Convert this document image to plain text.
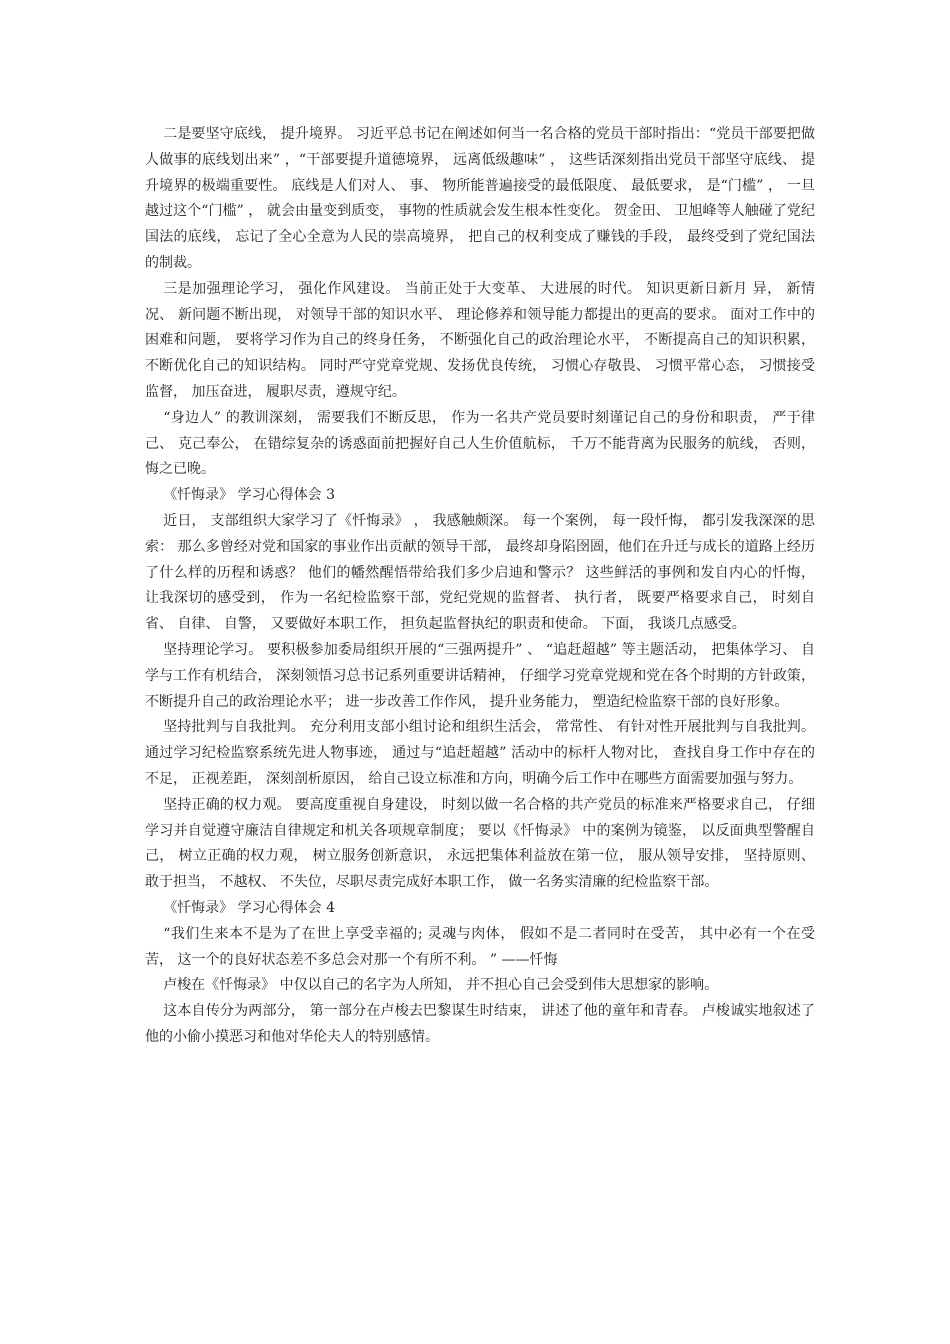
二是要坚守底线， 提升境界。 习近平总书记在阐述如何当一名合格的党员干部时指出：“党员干部要把做人做事的底线划出来” ，“干部要提升道德境界， 远离低级趣味” ， 这些话深刻指出党员干部坚守底线、 提升境界的极端重要性。 底线是人们对人、 事、 物所能普遍接受的最低限度、 最低要求， 是“门槛” ， 一旦越过这个“门槛” ， 就会由量变到质变， 事物的性质就会发生根本性变化。 贺金田、 卫旭峰等人触碰了党纪国法的底线， 忘记了全心全意为人民的崇高境界， 把自己的权利变成了赚钱的手段， 最终受到了党纪国法的制裁。

三是加强理论学习， 强化作风建设。 当前正处于大变革、 大进展的时代。 知识更新日新月 异， 新情况、 新问题不断出现， 对领导干部的知识水平、 理论修养和领导能力都提出的更高的要求。 面对工作中的困难和问题， 要将学习作为自己的终身任务， 不断强化自己的政治理论水平， 不断提高自己的知识积累， 不断优化自己的知识结构。 同时严守党章党规、发扬优良传统， 习惯心存敬畏、 习惯平常心态， 习惯接受监督， 加压奋进， 履职尽责，遵规守纪。

“身边人” 的教训深刻， 需要我们不断反思， 作为一名共产党员要时刻谨记自己的身份和职责， 严于律己、 克己奉公， 在错综复杂的诱惑面前把握好自己人生价值航标， 千万不能背离为民服务的航线， 否则， 悔之已晚。

《忏悔录》 学习心得体会 3

近日， 支部组织大家学习了《忏悔录》 ， 我感触颇深。 每一个案例， 每一段忏悔， 都引发我深深的思索： 那么多曾经对党和国家的事业作出贡献的领导干部， 最终却身陷囹圄，他们在升迁与成长的道路上经历了什么样的历程和诱惑？ 他们的幡然醒悟带给我们多少启迪和警示？ 这些鲜活的事例和发自内心的忏悔， 让我深切的感受到， 作为一名纪检监察干部，党纪党规的监督者、 执行者， 既要严格要求自己， 时刻自省、 自律、 自警， 又要做好本职工作， 担负起监督执纪的职责和使命。 下面， 我谈几点感受。

坚持理论学习。 要积极参加委局组织开展的“三强两提升” 、 “追赶超越” 等主题活动， 把集体学习、 自学与工作有机结合， 深刻领悟习总书记系列重要讲话精神， 仔细学习党章党规和党在各个时期的方针政策， 不断提升自己的政治理论水平； 进一步改善工作作风， 提升业务能力， 塑造纪检监察干部的良好形象。

坚持批判与自我批判。 充分利用支部小组讨论和组织生活会， 常常性、 有针对性开展批判与自我批判。 通过学习纪检监察系统先进人物事迹， 通过与“追赶超越” 活动中的标杆人物对比， 查找自身工作中存在的不足， 正视差距， 深刻剖析原因， 给自己设立标准和方向，明确今后工作中在哪些方面需要加强与努力。

坚持正确的权力观。 要高度重视自身建设， 时刻以做一名合格的共产党员的标准来严格要求自己， 仔细学习并自觉遵守廉洁自律规定和机关各项规章制度； 要以《忏悔录》 中的案例为镜鉴， 以反面典型警醒自己， 树立正确的权力观， 树立服务创新意识， 永远把集体利益放在第一位， 服从领导安排， 坚持原则、 敢于担当， 不越权、 不失位，尽职尽责完成好本职工作， 做一名务实清廉的纪检监察干部。

《忏悔录》 学习心得体会 4

“我们生来本不是为了在世上享受幸福的; 灵魂与肉体， 假如不是二者同时在受苦， 其中必有一个在受苦， 这一个的良好状态差不多总会对那一个有所不利。 ” ——忏悔

卢梭在《忏悔录》 中仅以自己的名字为人所知， 并不担心自己会受到伟大思想家的影响。

这本自传分为两部分， 第一部分在卢梭去巴黎谋生时结束， 讲述了他的童年和青春。 卢梭诚实地叙述了他的小偷小摸恶习和他对华伦夫人的特别感情。
